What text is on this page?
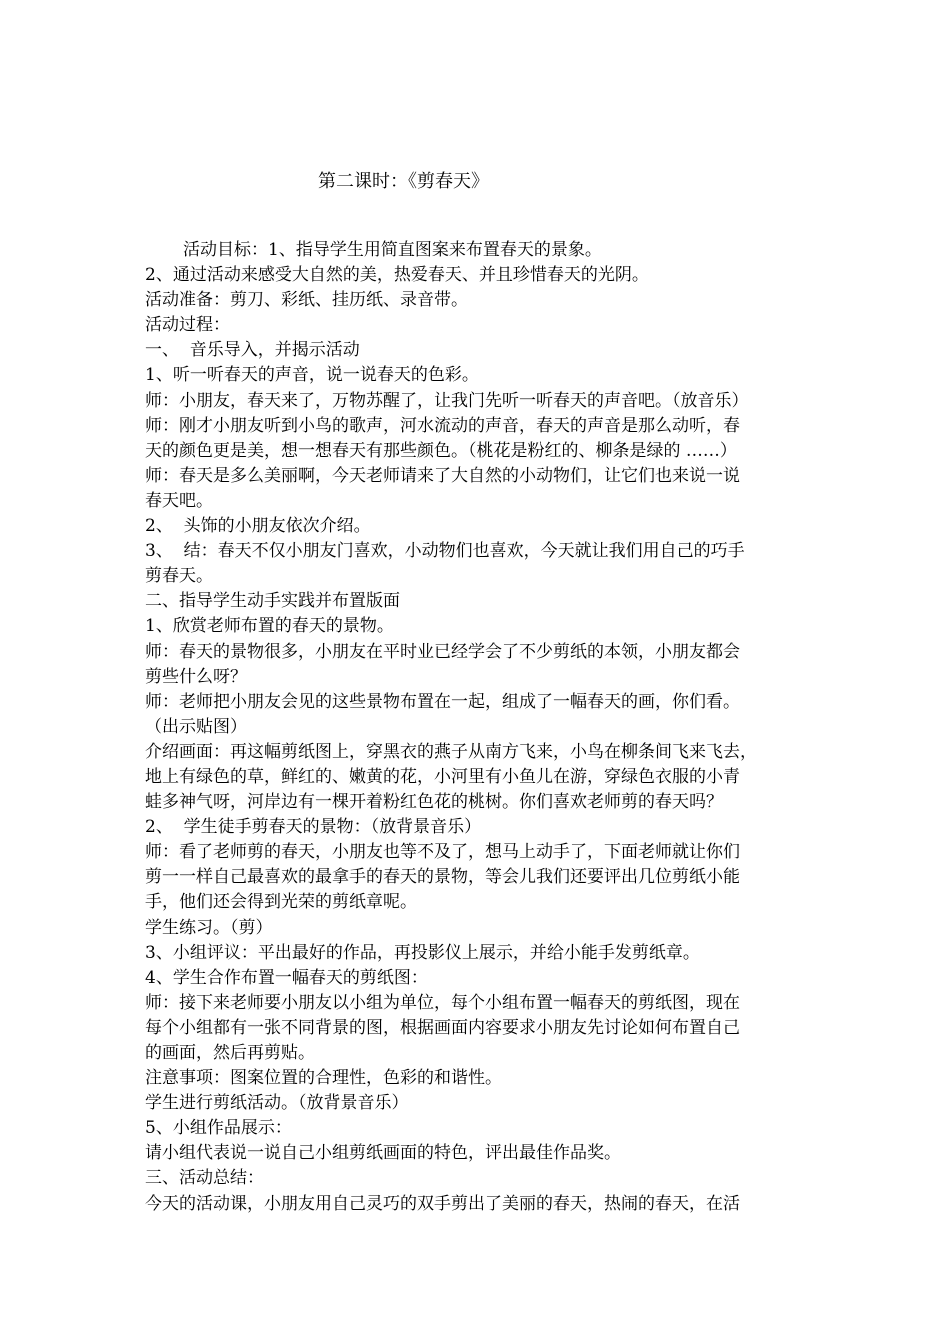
第二课时：《剪春天》
活动目标：1、指导学生用简直图案来布置春天的景象。
2、通过活动来感受大自然的美，热爱春天、并且珍惜春天的光阴。
活动准备：剪刀、彩纸、挂历纸、录音带。
活动过程：
一、  音乐导入，并揭示活动
1、听一听春天的声音，说一说春天的色彩。
师：小朋友，春天来了，万物苏醒了，让我门先听一听春天的声音吧。（放音乐）
师：刚才小朋友听到小鸟的歌声，河水流动的声音，春天的声音是那么动听，春
天的颜色更是美，想一想春天有那些颜色。（桃花是粉红的、柳条是绿的 ……）
师：春天是多么美丽啊，今天老师请来了大自然的小动物们，让它们也来说一说
春天吧。
2、  头饰的小朋友依次介绍。
3、  结：春天不仅小朋友门喜欢，小动物们也喜欢，今天就让我们用自己的巧手
剪春天。
二、指导学生动手实践并布置版面
1、欣赏老师布置的春天的景物。
师：春天的景物很多，小朋友在平时业已经学会了不少剪纸的本领，小朋友都会
剪些什么呀？
师：老师把小朋友会见的这些景物布置在一起，组成了一幅春天的画，你们看。
（出示贴图）
介绍画面：再这幅剪纸图上，穿黑衣的燕子从南方飞来，小鸟在柳条间飞来飞去，
地上有绿色的草，鲜红的、嫩黄的花，小河里有小鱼儿在游，穿绿色衣服的小青
蛙多神气呀，河岸边有一棵开着粉红色花的桃树。你们喜欢老师剪的春天吗？
2、  学生徒手剪春天的景物：（放背景音乐）
师：看了老师剪的春天，小朋友也等不及了，想马上动手了，下面老师就让你们
剪一一样自己最喜欢的最拿手的春天的景物，等会儿我们还要评出几位剪纸小能
手，他们还会得到光荣的剪纸章呢。
学生练习。（剪）
3、小组评议：平出最好的作品，再投影仪上展示，并给小能手发剪纸章。
4、学生合作布置一幅春天的剪纸图：
师：接下来老师要小朋友以小组为单位，每个小组布置一幅春天的剪纸图，现在
每个小组都有一张不同背景的图，根据画面内容要求小朋友先讨论如何布置自己
的画面，然后再剪贴。
注意事项：图案位置的合理性，色彩的和谐性。
学生进行剪纸活动。（放背景音乐）
5、小组作品展示：
请小组代表说一说自己小组剪纸画面的特色，评出最佳作品奖。
三、活动总结：
今天的活动课，小朋友用自己灵巧的双手剪出了美丽的春天，热闹的春天，在活
